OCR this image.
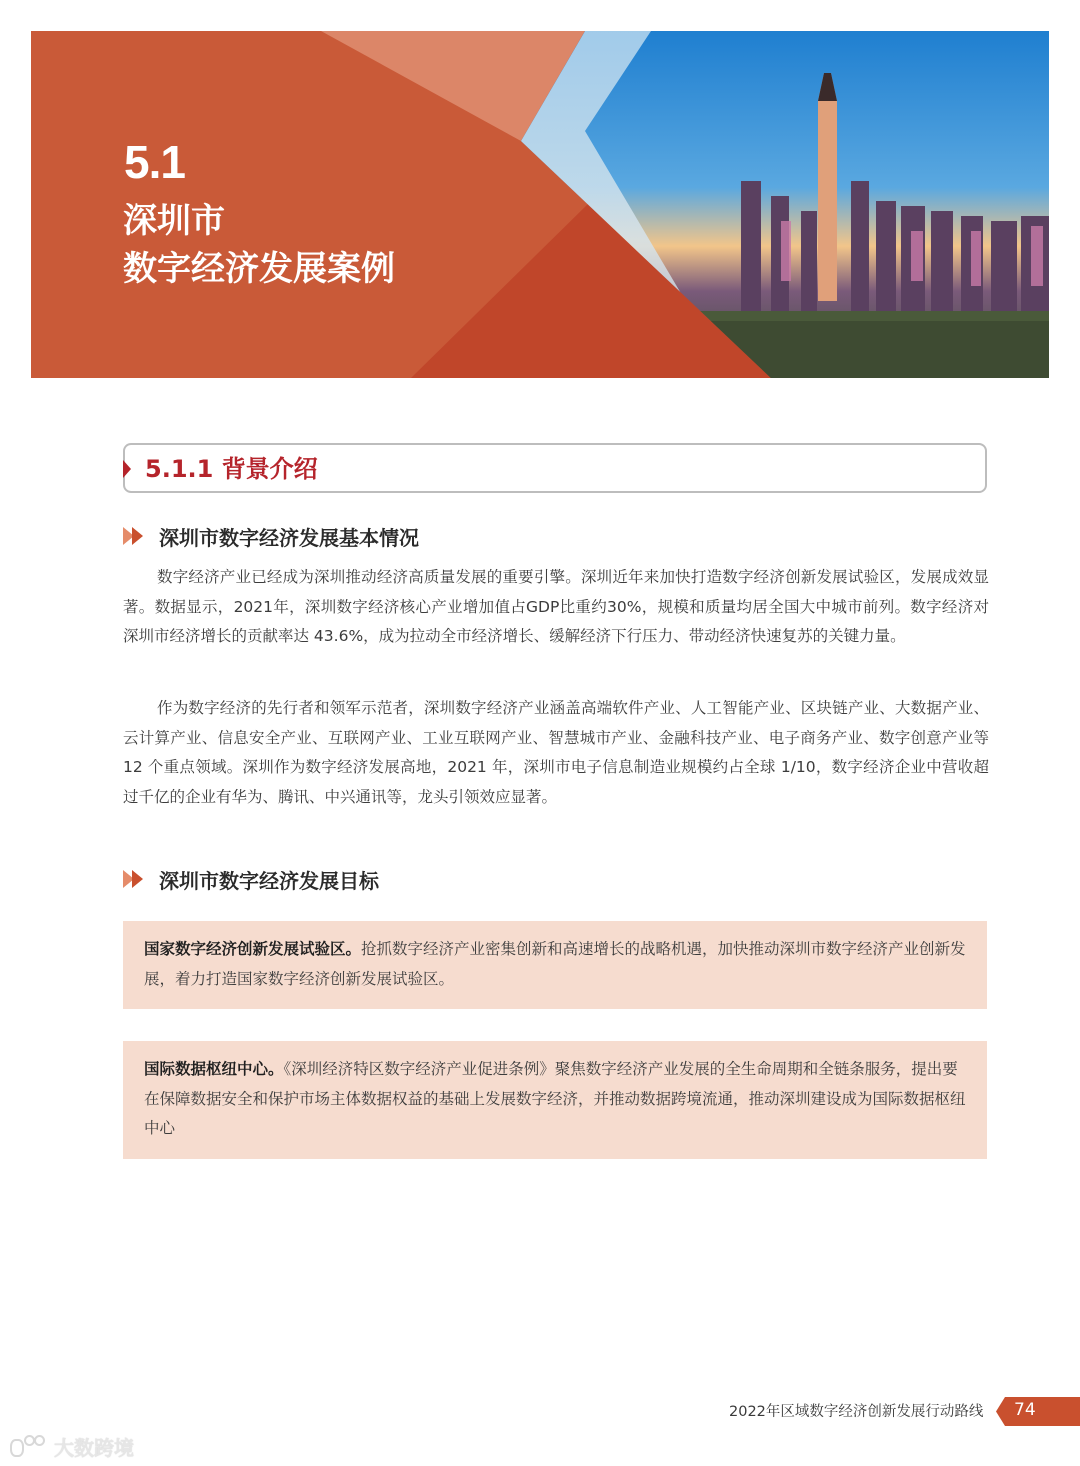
5.1
深圳市
数字经济发展案例
5.1.1 背景介绍
深圳市数字经济发展基本情况

数字经济产业已经成为深圳推动经济高质量发展的重要引擎。深圳近年来加快打造数字经济创新发展试验区，发展成效显著。数据显示，2021年，深圳数字经济核心产业增加值占GDP比重约30%，规模和质量均居全国大中城市前列。数字经济对深圳市经济增长的贡献率达 43.6%，成为拉动全市经济增长、缓解经济下行压力、带动经济快速复苏的关键力量。

作为数字经济的先行者和领军示范者，深圳数字经济产业涵盖高端软件产业、人工智能产业、区块链产业、大数据产业、云计算产业、信息安全产业、互联网产业、工业互联网产业、智慧城市产业、金融科技产业、电子商务产业、数字创意产业等 12 个重点领域。深圳作为数字经济发展高地，2021 年，深圳市电子信息制造业规模约占全球 1/10，数字经济企业中营收超过千亿的企业有华为、腾讯、中兴通讯等，龙头引领效应显著。

深圳市数字经济发展目标
国家数字经济创新发展试验区。抢抓数字经济产业密集创新和高速增长的战略机遇，加快推动深圳市数字经济产业创新发展，着力打造国家数字经济创新发展试验区。
国际数据枢纽中心。《深圳经济特区数字经济产业促进条例》聚焦数字经济产业发展的全生命周期和全链条服务，提出要在保障数据安全和保护市场主体数据权益的基础上发展数字经济，并推动数据跨境流通，推动深圳建设成为国际数据枢纽中心
2022年区域数字经济创新发展行动路线 74
大数跨境
